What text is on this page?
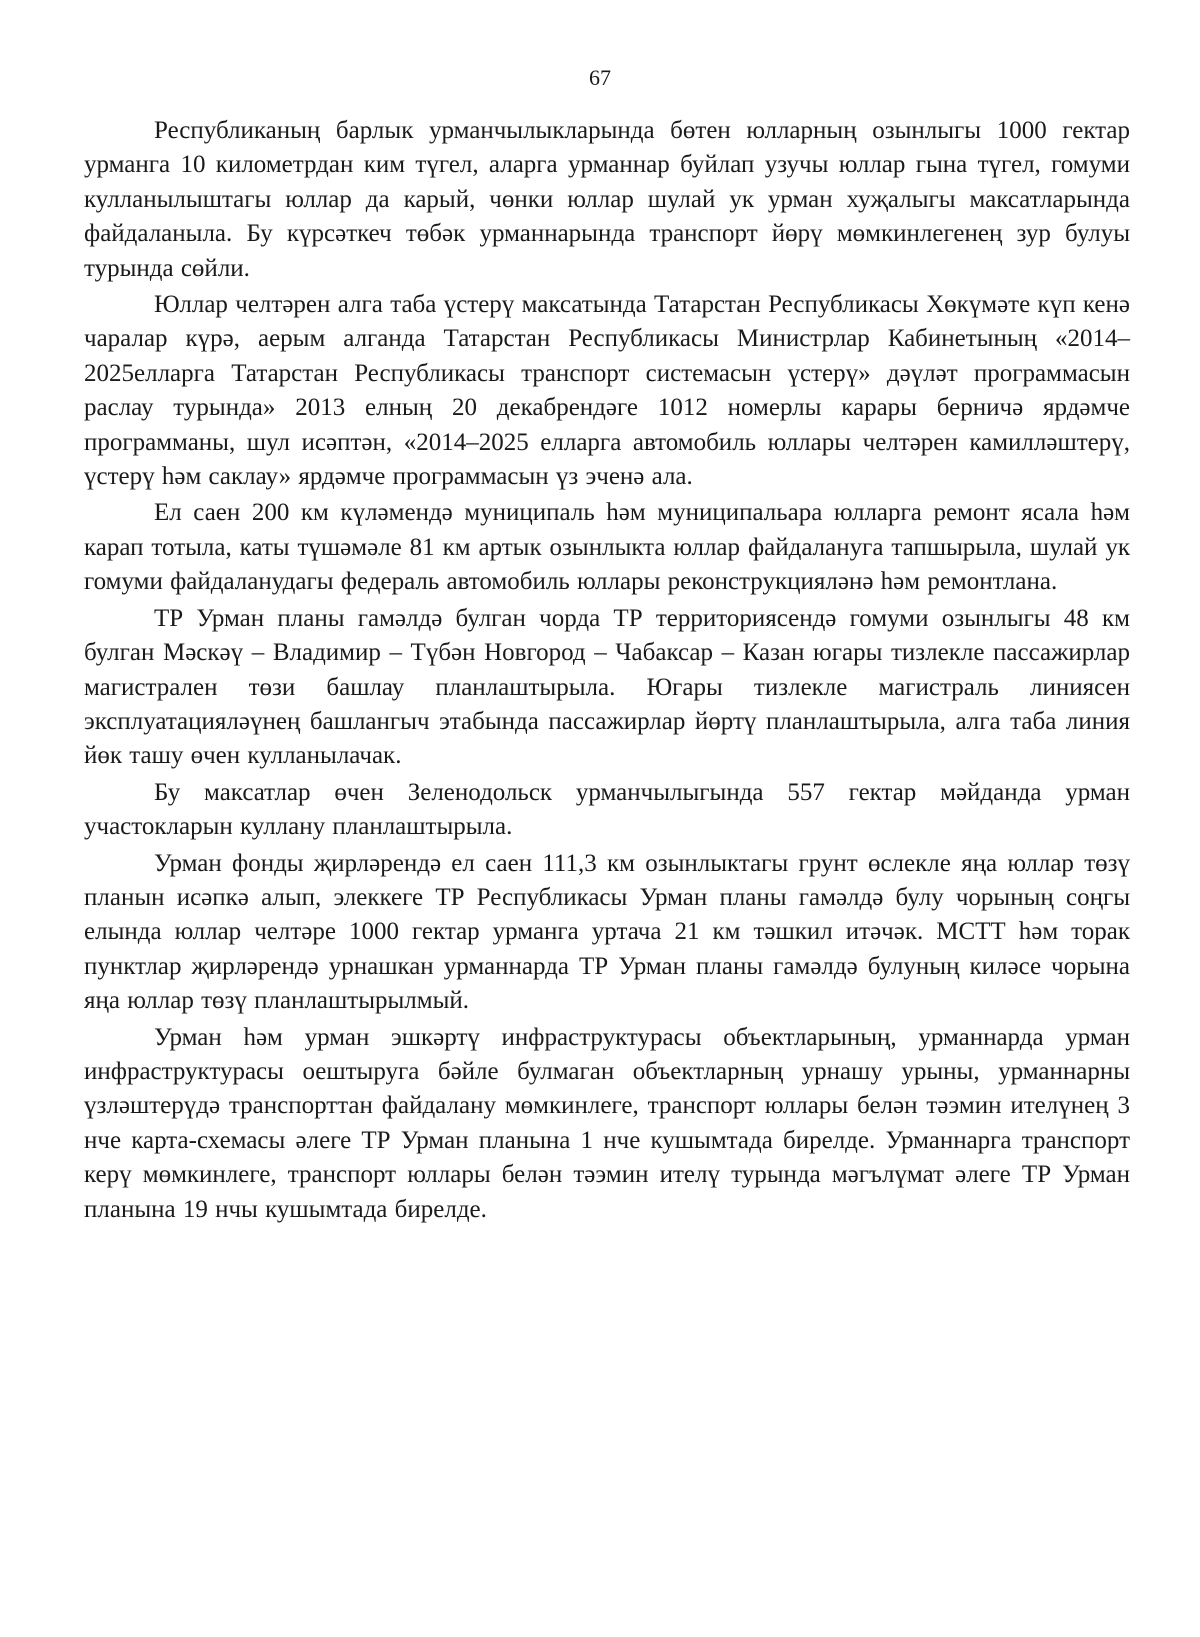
67

Республиканың барлык урманчылыкларында бөтен юлларның озынлыгы 1000 гектар урманга 10 километрдан ким түгел, аларга урманнар буйлап узучы юллар гына түгел, гомуми кулланылыштагы юллар да карый, чөнки юллар шулай ук урман хуҗалыгы максатларында файдаланыла. Бу күрсәткеч төбәк урманнарында транспорт йөрү мөмкинлегенең зур булуы турында сөйли.

Юллар челтәрен алга таба үстерү максатында Татарстан Республикасы Хөкүмәте күп кенә чаралар күрә, аерым алганда Татарстан Республикасы Министрлар Кабинетының «2014–2025елларга Татарстан Республикасы транспорт системасын үстерү» дәүләт программасын раслау турында» 2013 елның 20 декабрендәге 1012 номерлы карары берничә ярдәмче программаны, шул исәптән, «2014–2025 елларга автомобиль юллары челтәрен камилләштерү, үстерү һәм саклау» ярдәмче программасын үз эченә ала.

Ел саен 200 км күләмендә муниципаль һәм муниципальара юлларга ремонт ясала һәм карап тотыла, каты түшәмәле 81 км артык озынлыкта юллар файдалануга тапшырыла, шулай ук гомуми файдаланудагы федераль автомобиль юллары реконструкцияләнә һәм ремонтлана.

ТР Урман планы гамәлдә булган чорда ТР территориясендә гомуми озынлыгы 48 км булган Мәскәү – Владимир – Түбән Новгород – Чабаксар – Казан югары тизлекле пассажирлар магистрален төзи башлау планлаштырыла. Югары тизлекле магистраль линиясен эксплуатацияләүнең башлангыч этабында пассажирлар йөртү планлаштырыла, алга таба линия йөк ташу өчен кулланылачак.

Бу максатлар өчен Зеленодольск урманчылыгында 557 гектар мәйданда урман участокларын куллану планлаштырыла.

Урман фонды җирләрендә ел саен 111,3 км озынлыктагы грунт өслекле яңа юллар төзү планын исәпкә алып, элеккеге ТР Республикасы Урман планы гамәлдә булу чорының соңгы елында юллар челтәре 1000 гектар урманга уртача 21 км тәшкил итәчәк. МСТТ һәм торак пунктлар җирләрендә урнашкан урманнарда ТР Урман планы гамәлдә булуның киләсе чорына яңа юллар төзү планлаштырылмый.

Урман һәм урман эшкәртү инфраструктурасы объектларының, урманнарда урман инфраструктурасы оештыруга бәйле булмаган объектларның урнашу урыны, урманнарны үзләштерүдә транспорттан файдалану мөмкинлеге, транспорт юллары белән тәэмин ителүнең 3 нче карта-схемасы әлеге ТР Урман планына 1 нче кушымтада бирелде. Урманнарга транспорт керү мөмкинлеге, транспорт юллары белән тәэмин ителү турында мәгълүмат әлеге ТР Урман планына 19 нчы кушымтада бирелде.
